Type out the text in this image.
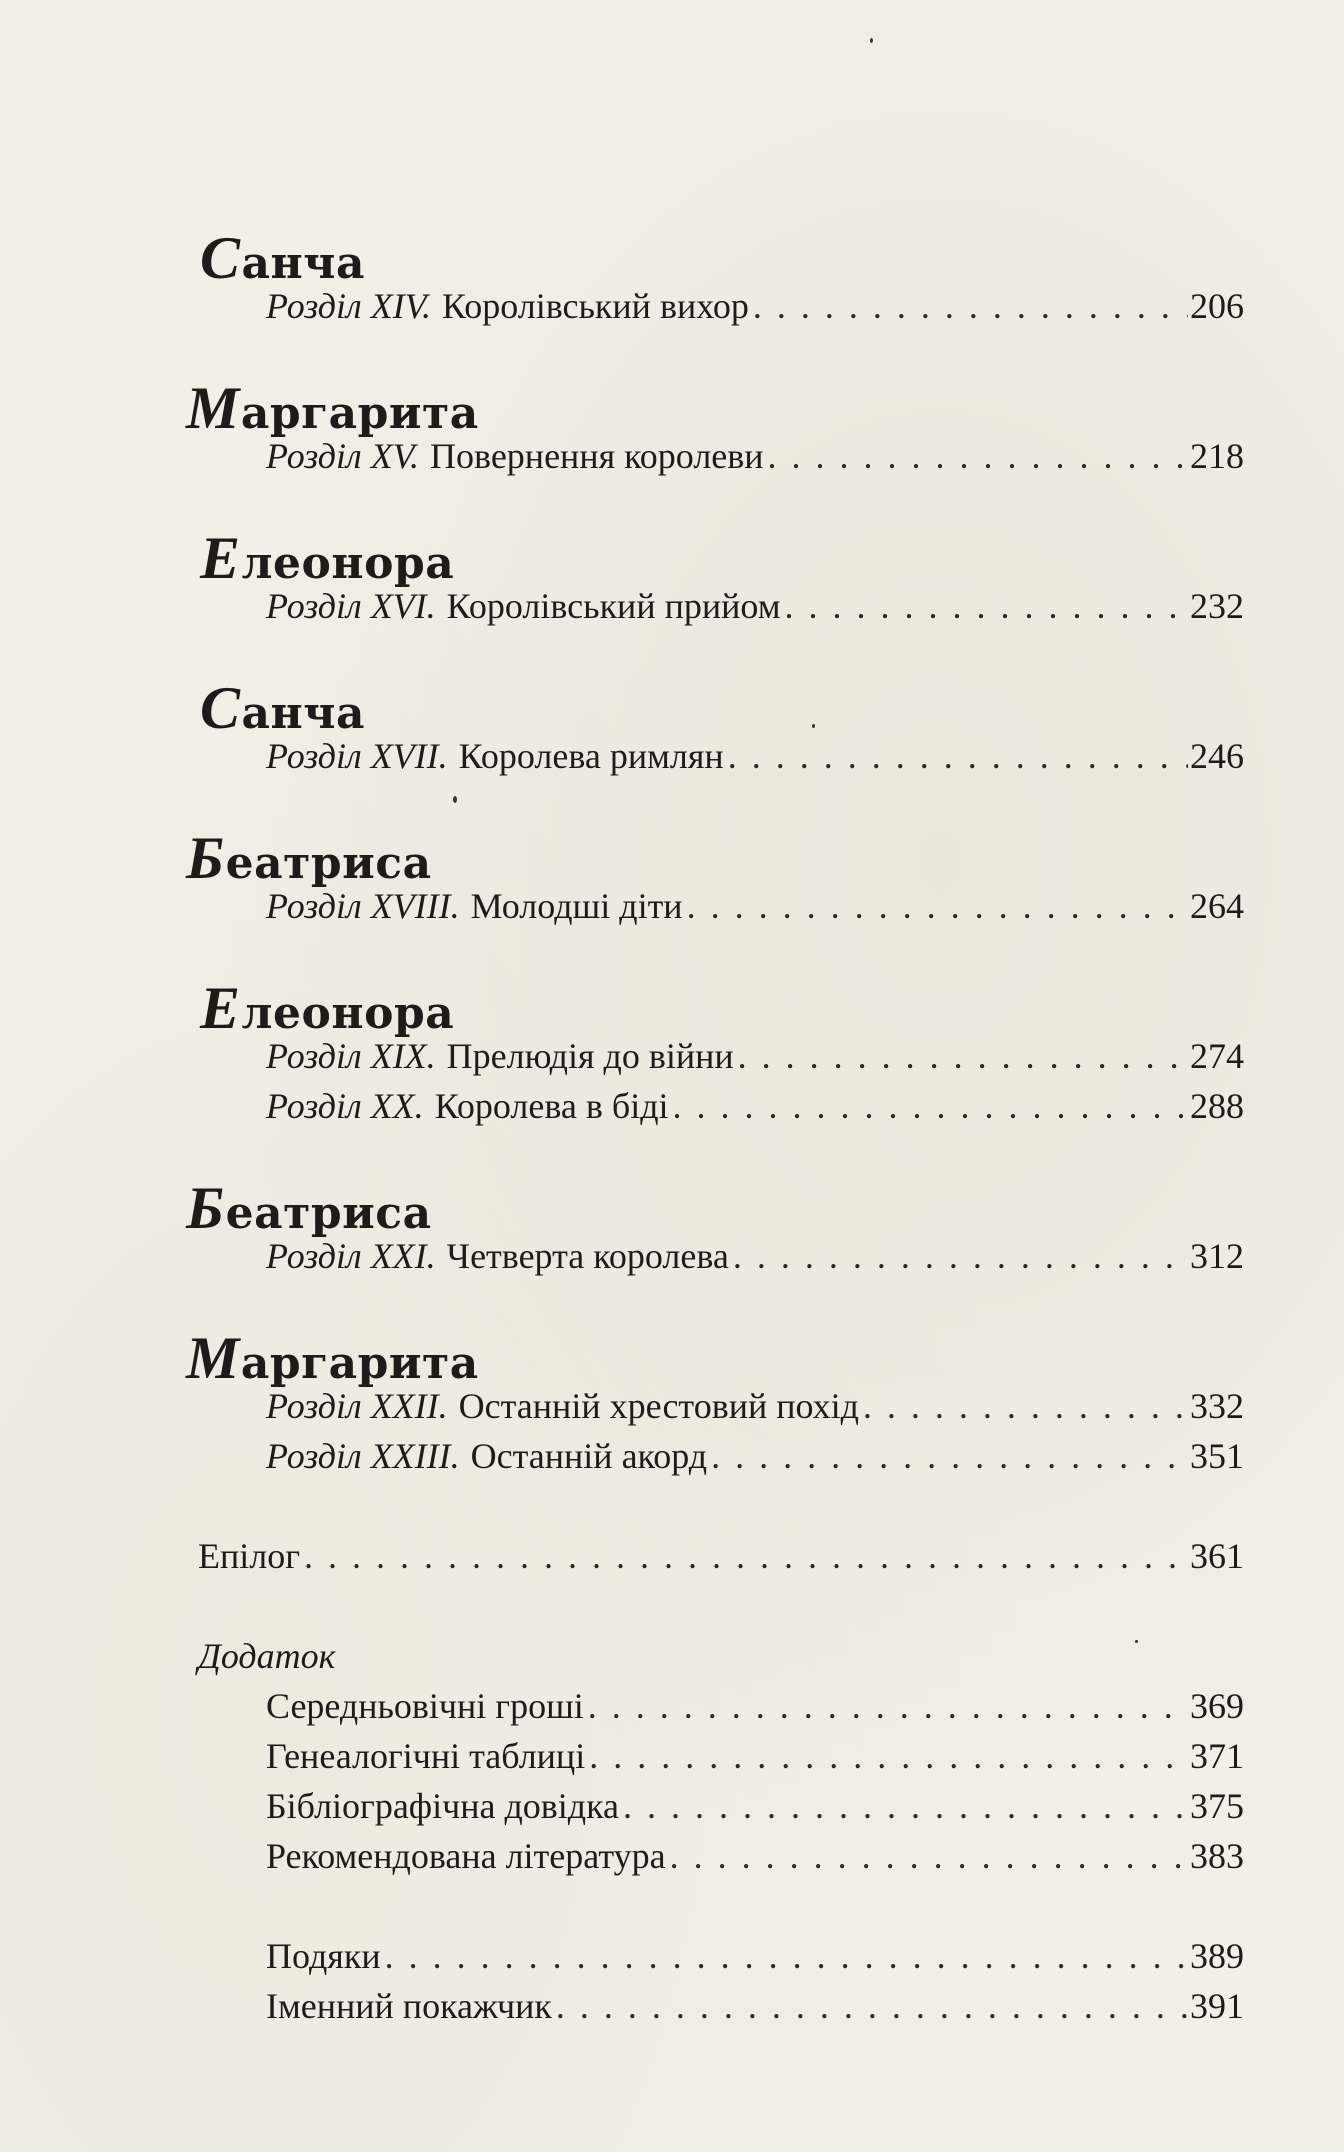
Санча
Розділ XIV. Королівський вихор . . .	206
Маргарита
Розділ XV. Повернення королеви . . .	218
Елеонора
Розділ XVI. Королівський прийом . . .	232
Санча
Розділ XVII. Королева римлян . . .	246
Беатриса
Розділ XVIII. Молодші діти . . .	264
Елеонора
Розділ XIX. Прелюдія до війни . . .	274
Розділ XX. Королева в біді . . .	288
Беатриса
Розділ XXI. Четверта королева . . .	312
Маргарита
Розділ XXII. Останній хрестовий похід . . .	332
Розділ XXIII. Останній акорд . . .	351
Епілог . . .	361
Додаток
Середньовічні гроші . . .	369
Генеалогічні таблиці . . .	371
Бібліографічна довідка . . .	375
Рекомендована література . . .	383
Подяки . . .	389
Іменний покажчик . . .	391
